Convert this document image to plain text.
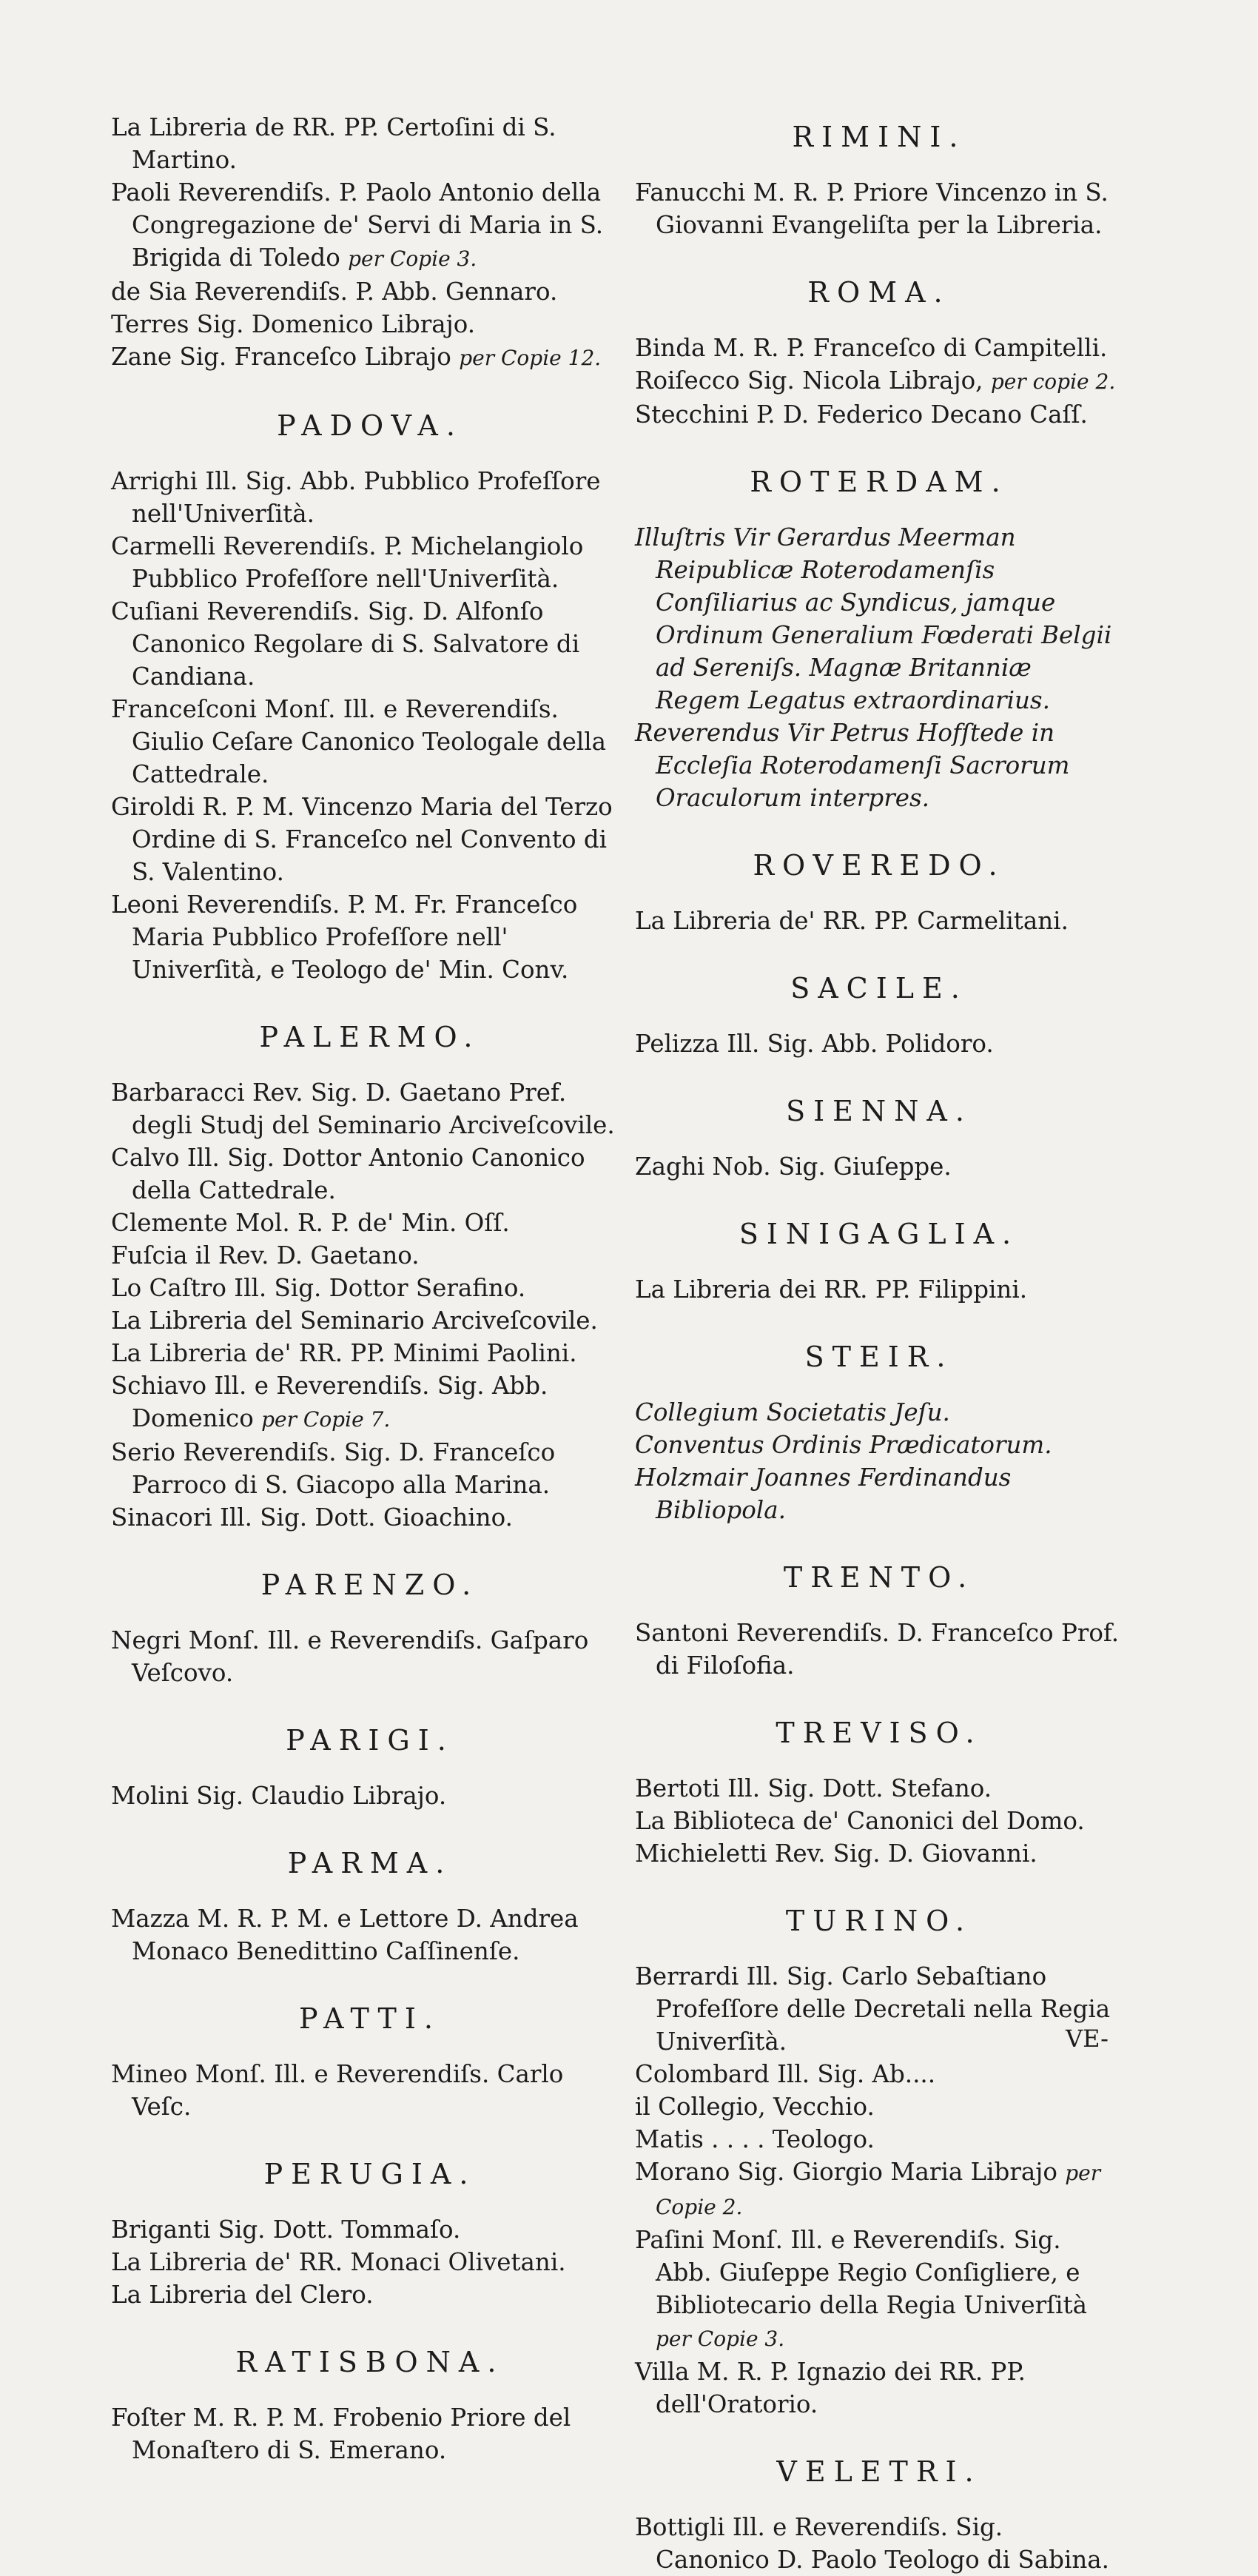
La Libreria de RR. PP. Certoſini di S. Martino.

Paoli Reverendiſs. P. Paolo Antonio della Congregazione de' Servi di Maria in S. Brigida di Toledo per Copie 3.

de Sia Reverendiſs. P. Abb. Gennaro.

Terres Sig. Domenico Librajo.

Zane Sig. Franceſco Librajo per Copie 12.

PADOVA.

Arrighi Ill. Sig. Abb. Pubblico Profeſſore nell'Univerſità.

Carmelli Reverendiſs. P. Michelangiolo Pubblico Profeſſore nell'Univerſità.

Cuſiani Reverendiſs. Sig. D. Alfonſo Canonico Regolare di S. Salvatore di Candiana.

Franceſconi Monſ. Ill. e Reverendiſs. Giulio Ceſare Canonico Teologale della Cattedrale.

Giroldi R. P. M. Vincenzo Maria del Terzo Ordine di S. Franceſco nel Convento di S. Valentino.

Leoni Reverendiſs. P. M. Fr. Franceſco Maria Pubblico Profeſſore nell' Univerſità, e Teologo de' Min. Conv.

PALERMO.

Barbaracci Rev. Sig. D. Gaetano Pref. degli Studj del Seminario Arciveſcovile.

Calvo Ill. Sig. Dottor Antonio Canonico della Cattedrale.

Clemente Mol. R. P. de' Min. Oſſ.

Fuſcia il Rev. D. Gaetano.

Lo Caſtro Ill. Sig. Dottor Serafino.

La Libreria del Seminario Arciveſcovile.

La Libreria de' RR. PP. Minimi Paolini.

Schiavo Ill. e Reverendiſs. Sig. Abb. Domenico per Copie 7.

Serio Reverendiſs. Sig. D. Franceſco Parroco di S. Giacopo alla Marina.

Sinacori Ill. Sig. Dott. Gioachino.

PARENZO.

Negri Monſ. Ill. e Reverendiſs. Gaſparo Veſcovo.

PARIGI.

Molini Sig. Claudio Librajo.

PARMA.

Mazza M. R. P. M. e Lettore D. Andrea Monaco Benedittino Caſſinenſe.

PATTI.

Mineo Monſ. Ill. e Reverendiſs. Carlo Veſc.

PERUGIA.

Briganti Sig. Dott. Tommaſo.

La Libreria de' RR. Monaci Olivetani.

La Libreria del Clero.

RATISBONA.

Foſter M. R. P. M. Frobenio Priore del Monaſtero di S. Emerano.

RIMINI.

Fanucchi M. R. P. Priore Vincenzo in S. Giovanni Evangeliſta per la Libreria.

ROMA.

Binda M. R. P. Franceſco di Campitelli.

Roiſecco Sig. Nicola Librajo, per copie 2.

Stecchini P. D. Federico Decano Caſſ.

ROTERDAM.

Illuſtris Vir Gerardus Meerman Reipublicæ Roterodamenſis Conſiliarius ac Syndicus, jamque Ordinum Generalium Fœderati Belgii ad Sereniſs. Magnæ Britanniæ Regem Legatus extraordinarius.

Reverendus Vir Petrus Hofſtede in Eccleſia Roterodamenſi Sacrorum Oraculorum interpres.

ROVEREDO.

La Libreria de' RR. PP. Carmelitani.

SACILE.

Pelizza Ill. Sig. Abb. Polidoro.

SIENNA.

Zaghi Nob. Sig. Giuſeppe.

SINIGAGLIA.

La Libreria dei RR. PP. Filippini.

STEIR.

Collegium Societatis Jeſu.

Conventus Ordinis Prædicatorum.

Holzmair Joannes Ferdinandus Bibliopola.

TRENTO.

Santoni Reverendiſs. D. Franceſco Prof. di Filoſofia.

TREVISO.

Bertoti Ill. Sig. Dott. Stefano.

La Biblioteca de' Canonici del Domo.

Michieletti Rev. Sig. D. Giovanni.

TURINO.

Berrardi Ill. Sig. Carlo Sebaſtiano Profeſſore delle Decretali nella Regia Univerſità.

Colombard Ill. Sig. Ab....

il Collegio, Vecchio.

Matis . . . . Teologo.

Morano Sig. Giorgio Maria Librajo per Copie 2.

Paſini Monſ. Ill. e Reverendiſs. Sig. Abb. Giuſeppe Regio Conſigliere, e Bibliotecario della Regia Univerſità per Copie 3.

Villa M. R. P. Ignazio dei RR. PP. dell'Oratorio.

VELETRI.

Bottigli Ill. e Reverendiſs. Sig. Canonico D. Paolo Teologo di Sabina.

VE-
